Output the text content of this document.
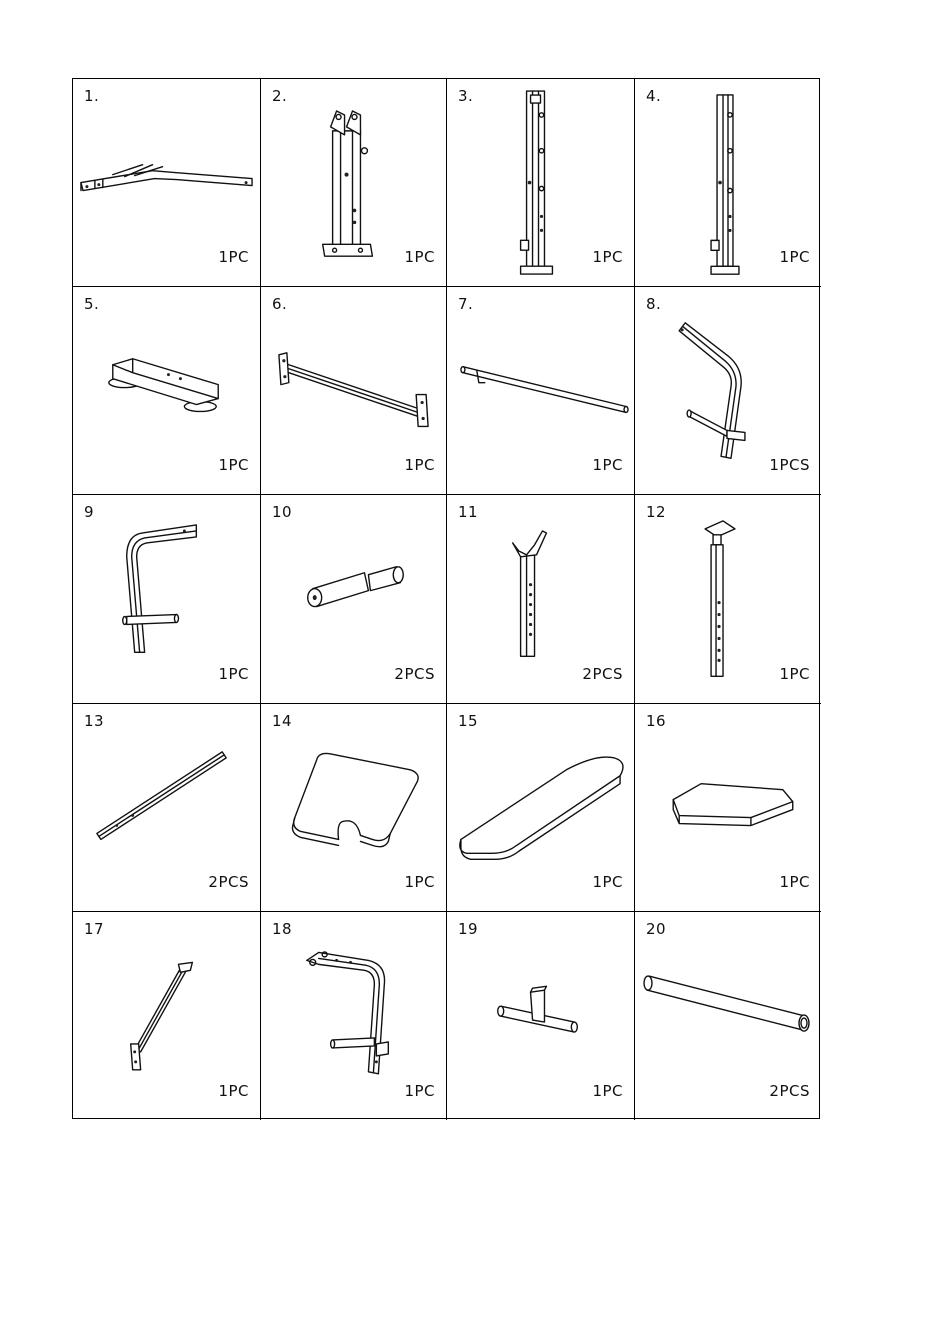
1.
1PC
2.
1PC
3.
1PC
4.
1PC
5.
1PC
6.
1PC
7.
1PC
8.
1PCS
9
1PC
10
2PCS
11
2PCS
12
1PC
13
2PCS
14
1PC
15
1PC
16
1PC
17
1PC
18
1PC
19
1PC
20
2PCS
